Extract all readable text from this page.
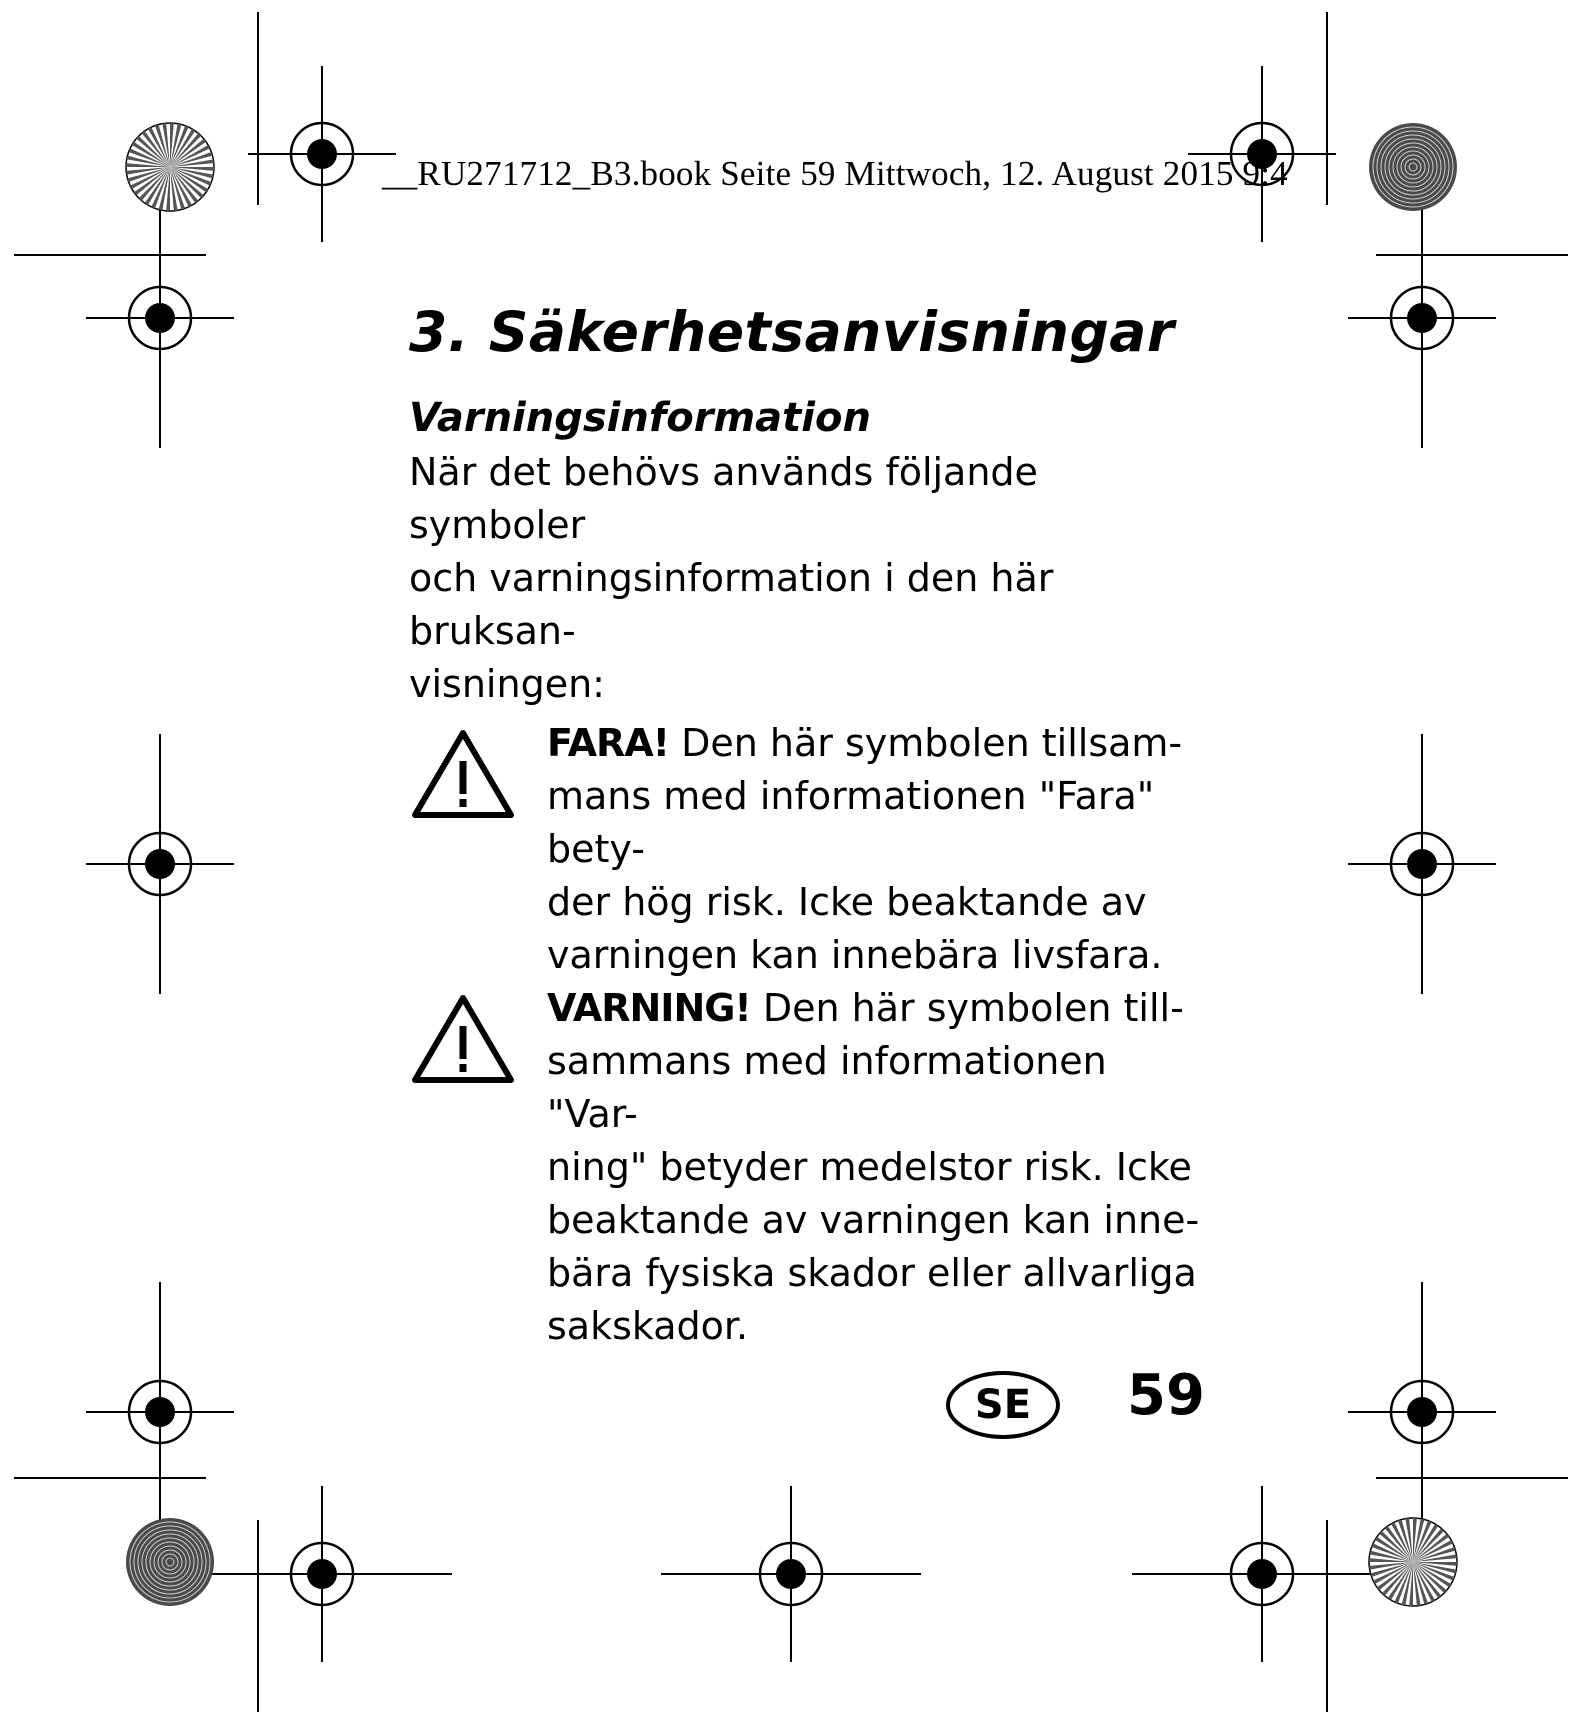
__RU271712_B3.book Seite 59 Mittwoch, 12. August 2015 9:4
3. Säkerhetsanvisningar
Varningsinformation

När det behövs används följande symboler

och varningsinformation i den här bruksan-

visningen:

FARA! Den här symbolen tillsam-

mans med informationen "Fara" bety-

der hög risk. Icke beaktande av

varningen kan innebära livsfara.

VARNING! Den här symbolen till-

sammans med informationen "Var-

ning" betyder medelstor risk. Icke

beaktande av varningen kan inne-

bära fysiska skador eller allvarliga

sakskador.

SE	59
